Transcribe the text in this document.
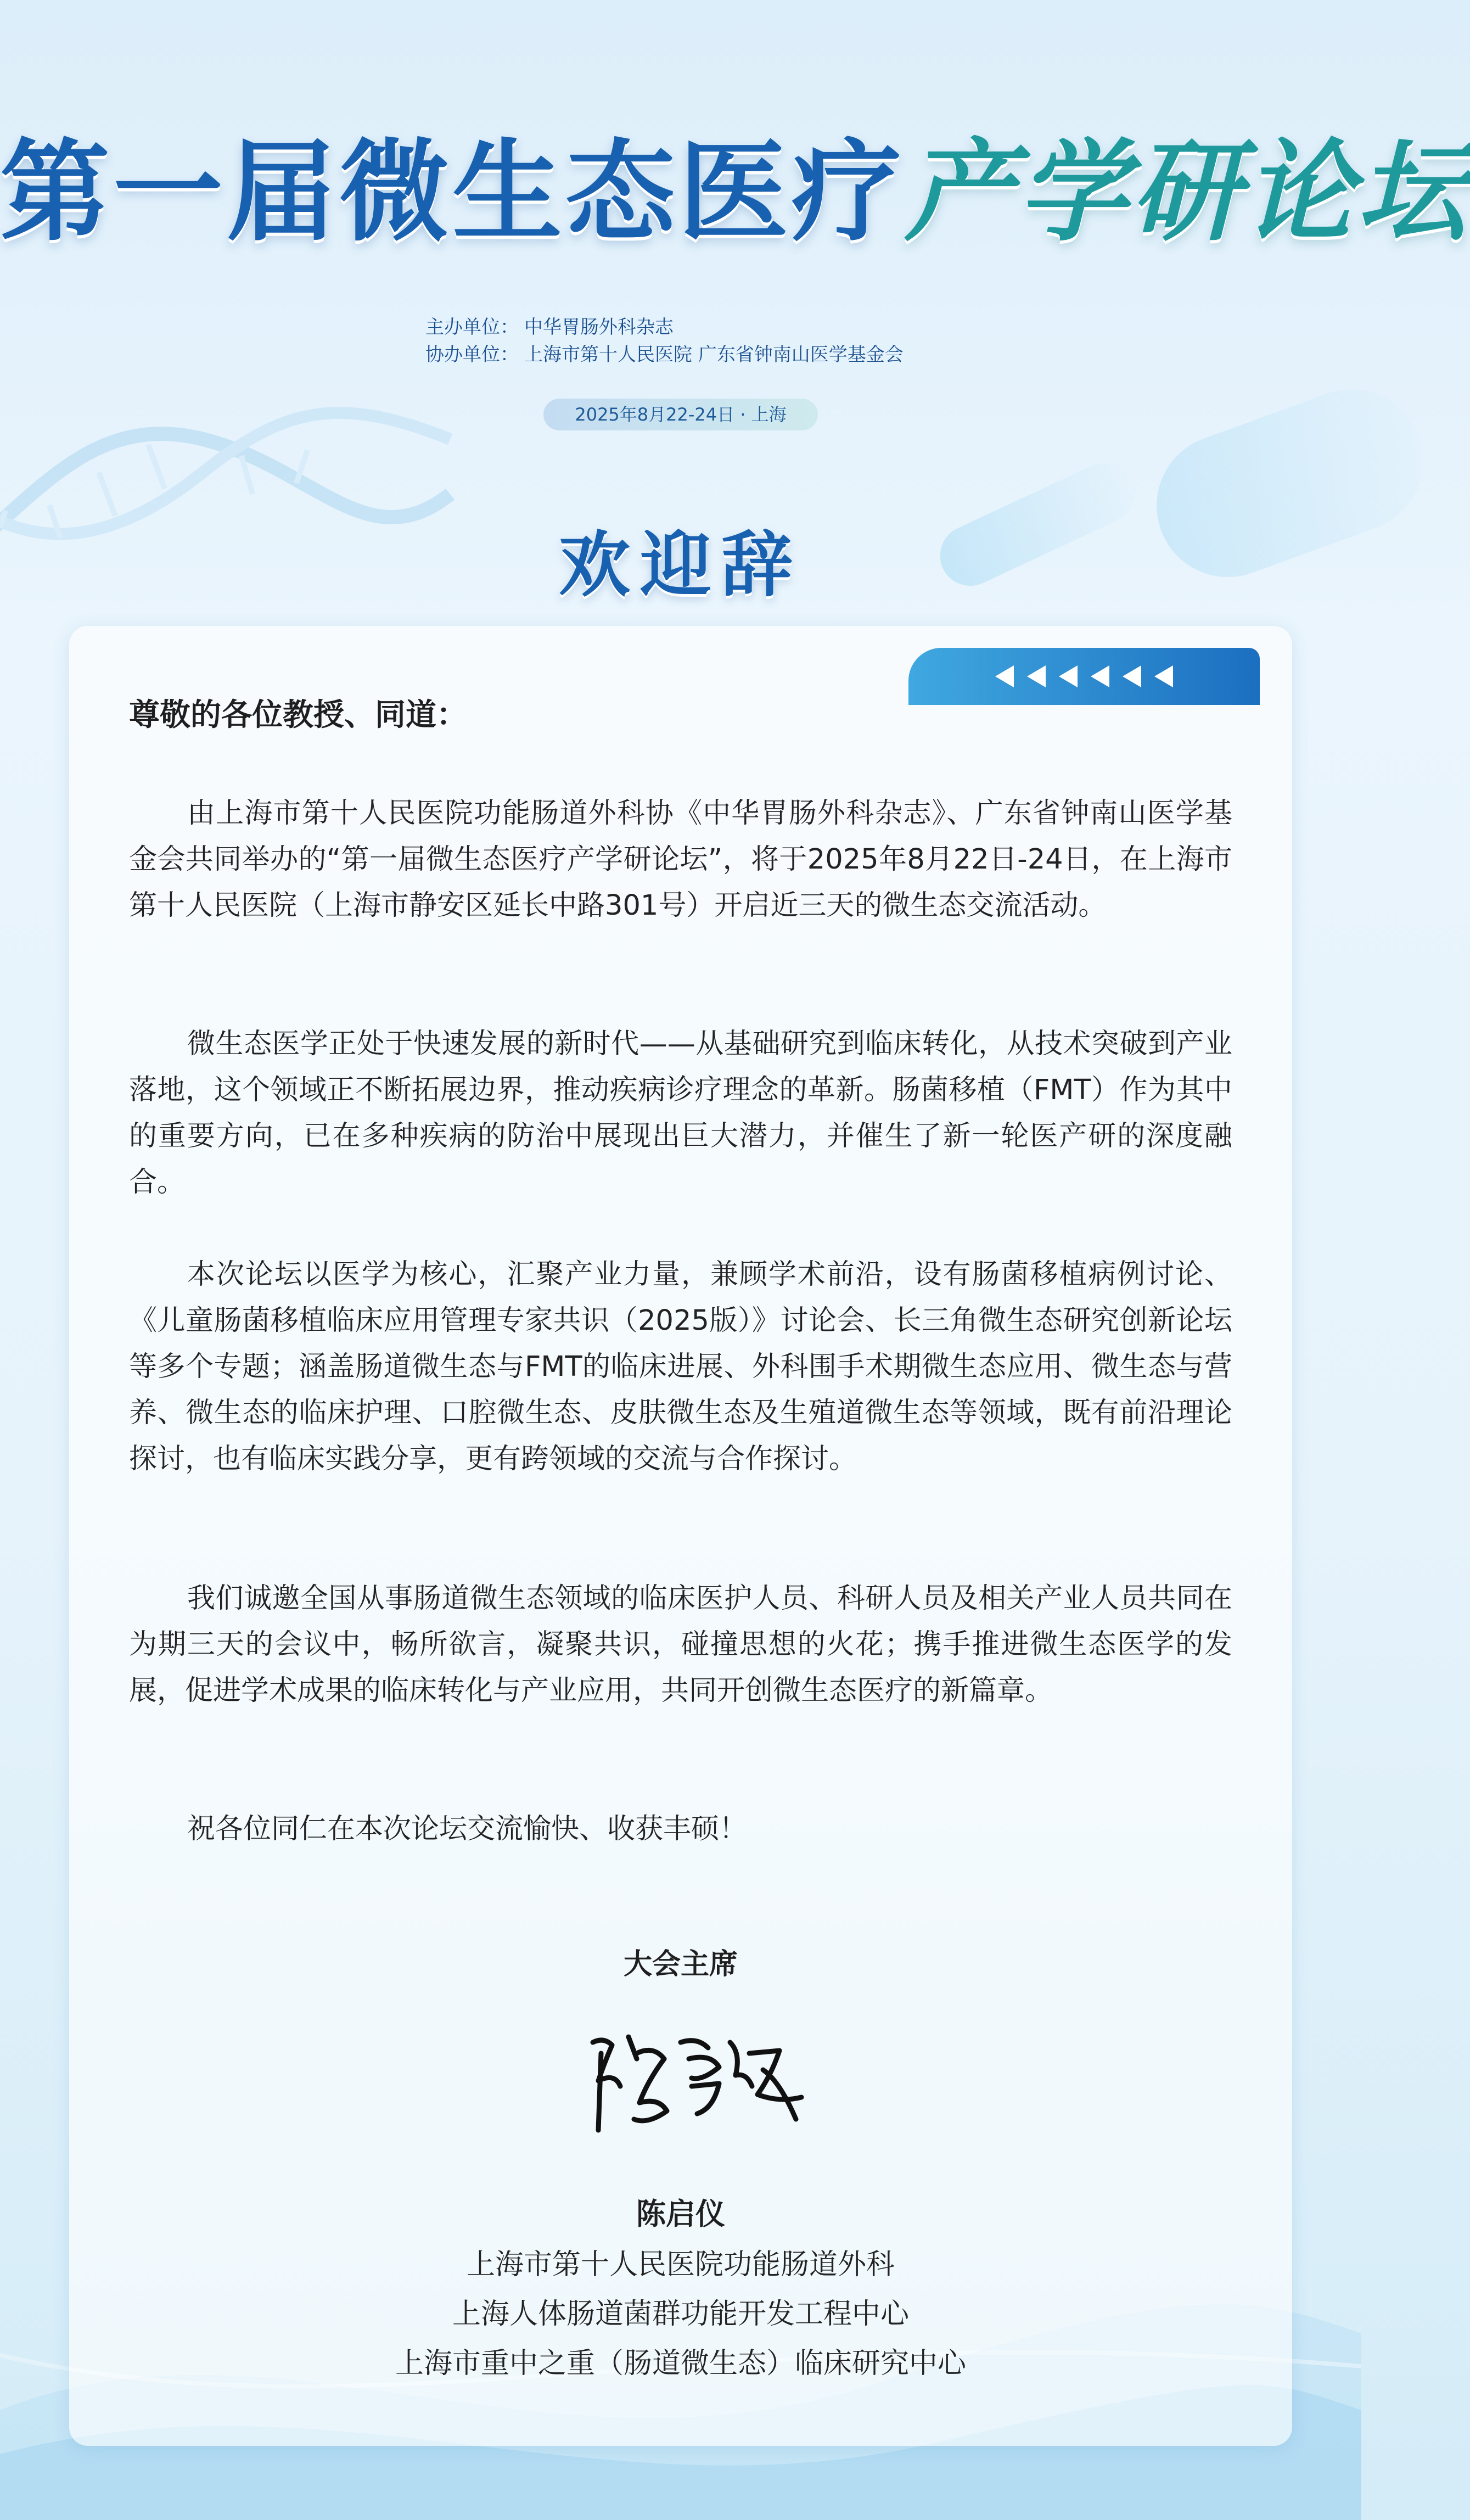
第一届微生态医疗产学研论坛
主办单位： 中华胃肠外科杂志
协办单位： 上海市第十人民医院 广东省钟南山医学基金会
2025年8月22-24日 · 上海
欢迎辞
尊敬的各位教授、同道：

由上海市第十人民医院功能肠道外科协《中华胃肠外科杂志》、广东省钟南山医学基金会共同举办的“第一届微生态医疗产学研论坛”，将于2025年8月22日-24日，在上海市第十人民医院（上海市静安区延长中路301号）开启近三天的微生态交流活动。

微生态医学正处于快速发展的新时代——从基础研究到临床转化，从技术突破到产业落地，这个领域正不断拓展边界，推动疾病诊疗理念的革新。肠菌移植（FMT）作为其中的重要方向，已在多种疾病的防治中展现出巨大潜力，并催生了新一轮医产研的深度融合。

本次论坛以医学为核心，汇聚产业力量，兼顾学术前沿，设有肠菌移植病例讨论、《儿童肠菌移植临床应用管理专家共识（2025版）》讨论会、长三角微生态研究创新论坛等多个专题；涵盖肠道微生态与FMT的临床进展、外科围手术期微生态应用、微生态与营养、微生态的临床护理、口腔微生态、皮肤微生态及生殖道微生态等领域，既有前沿理论探讨，也有临床实践分享，更有跨领域的交流与合作探讨。

我们诚邀全国从事肠道微生态领域的临床医护人员、科研人员及相关产业人员共同在为期三天的会议中，畅所欲言，凝聚共识，碰撞思想的火花；携手推进微生态医学的发展，促进学术成果的临床转化与产业应用，共同开创微生态医疗的新篇章。

祝各位同仁在本次论坛交流愉快、收获丰硕！

大会主席
陈启仪
上海市第十人民医院功能肠道外科
上海人体肠道菌群功能开发工程中心
上海市重中之重（肠道微生态）临床研究中心
